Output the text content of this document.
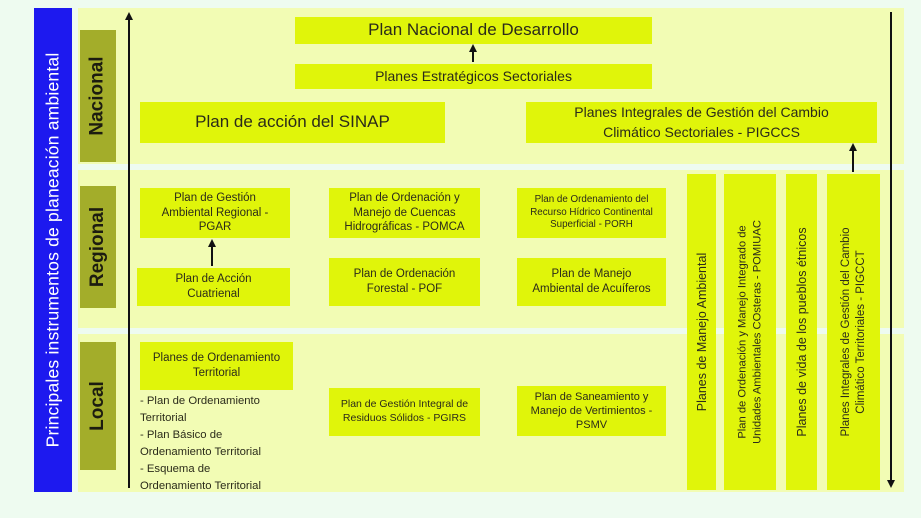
Principales instrumentos de planeación ambiental Nacional
Regional
Local
Plan Nacional de Desarrollo
Planes Estratégicos Sectoriales
Plan de acción del SINAP
Planes Integrales de Gestión del Cambio
Climático Sectoriales - PIGCCS
Plan de Gestión
Ambiental Regional -
PGAR
Plan de Acción
Cuatrienal
Plan de Ordenación y
Manejo de Cuencas
Hidrográficas - POMCA
Plan de Ordenación
Forestal - POF
Plan de Ordenamiento del
Recurso Hídrico Continental
Superficial - PORH
Plan de Manejo
Ambiental de Acuíferos
Planes de Ordenamiento
Territorial
- Plan de Ordenamiento
Territorial
- Plan Básico de
Ordenamiento Territorial
- Esquema de
Ordenamiento Territorial
Plan de Gestión Integral de
Residuos Sólidos - PGIRS
Plan de Saneamiento y
Manejo de Vertimientos -
PSMV
Planes de Manejo Ambiental	Plan de Ordenación y Manejo Integrado de Unidades Ambientales COsteras - POMIUAC	Planes de vida de los pueblos étnicos	Planes Integrales de Gestión del Cambio Climático Territoriales - PIGCCT
